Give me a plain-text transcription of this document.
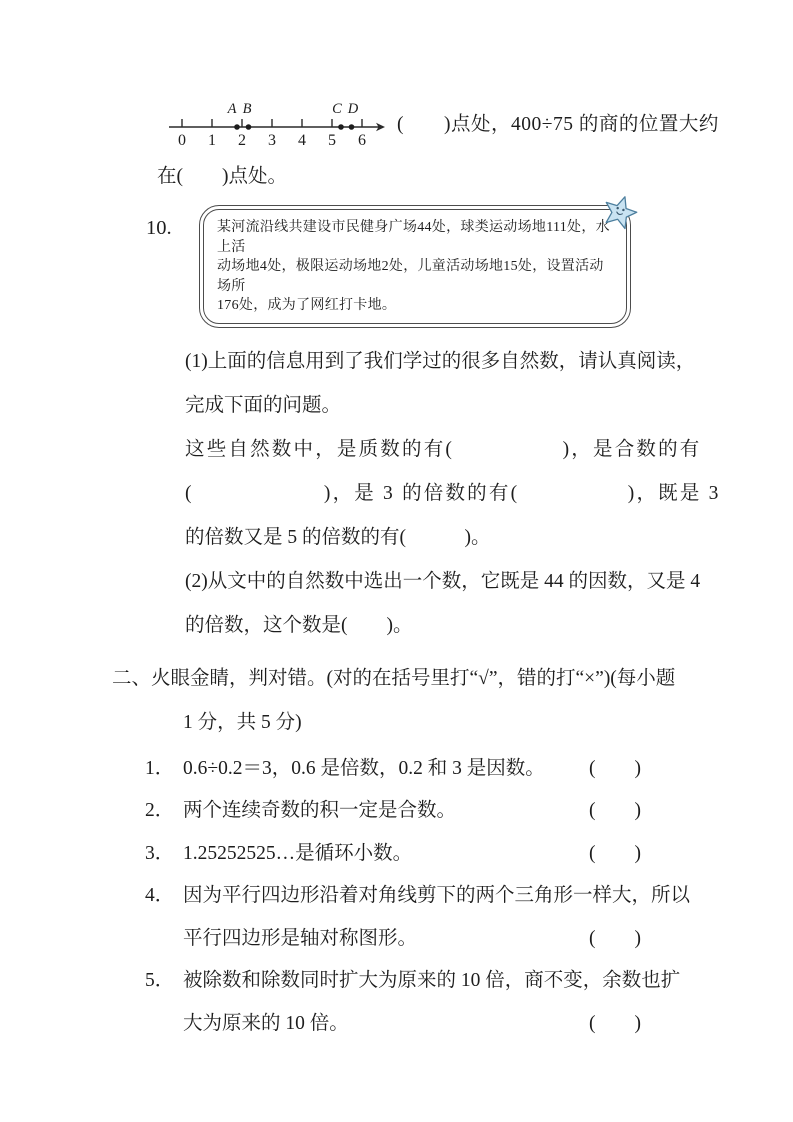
A B	C D
0 1 2 3 4 5 6
(　　)点处，400÷75 的商的位置大约
在(　　)点处。
10.	某河流沿线共建设市民健身广场44处，球类运动场地111处，水上活
动场地4处，极限运动场地2处，儿童活动场地15处，设置活动场所
176处，成为了网红打卡地。
(1)上面的信息用到了我们学过的很多自然数，请认真阅读，
完成下面的问题。
这些自然数中，是质数的有(　　　　　)，是合数的有
(　　　　　　)，是 3 的倍数的有(　　　　　)，既是 3
的倍数又是 5 的倍数的有(　　　)。
(2)从文中的自然数中选出一个数，它既是 44 的因数，又是 4
的倍数，这个数是(　　)。
二、火眼金睛，判对错。(对的在括号里打“√”，错的打“×”)(每小题
1 分，共 5 分)
1． 0.6÷0.2＝3，0.6 是倍数，0.2 和 3 是因数。 (　　)
2． 两个连续奇数的积一定是合数。	(　　)
3． 1.25252525…是循环小数。	(　　)
4． 因为平行四边形沿着对角线剪下的两个三角形一样大，所以
平行四边形是轴对称图形。	(　　)
5． 被除数和除数同时扩大为原来的 10 倍，商不变，余数也扩
大为原来的 10 倍。	(　　)
